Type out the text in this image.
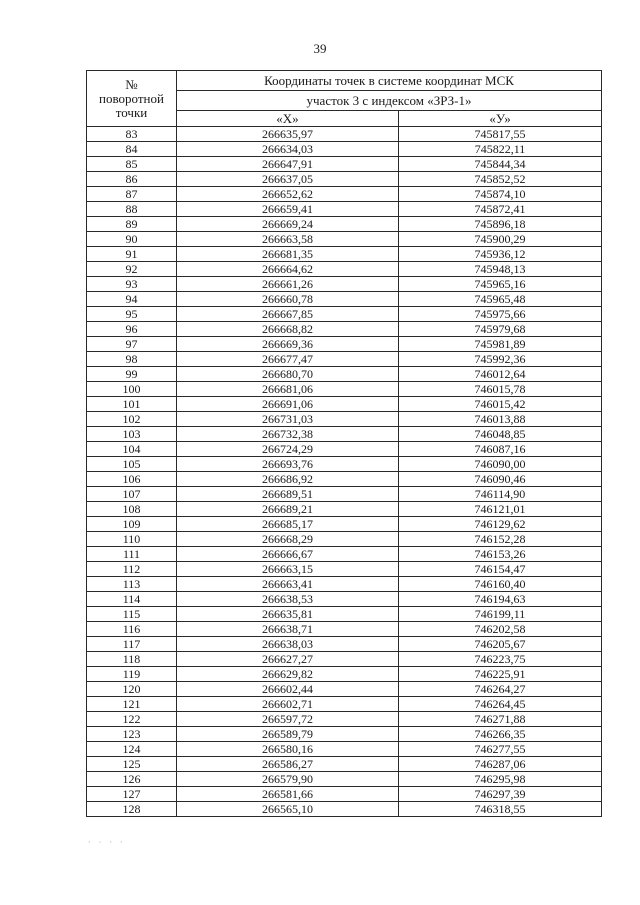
39
№
поворотной
точки	Координаты точек в системе координат МСК	
	участок 3 с индексом «ЗРЗ-1»	
	«X»	«У»
83	266635,97	745817,55
84	266634,03	745822,11
85	266647,91	745844,34
86	266637,05	745852,52
87	266652,62	745874,10
88	266659,41	745872,41
89	266669,24	745896,18
90	266663,58	745900,29
91	266681,35	745936,12
92	266664,62	745948,13
93	266661,26	745965,16
94	266660,78	745965,48
95	266667,85	745975,66
96	266668,82	745979,68
97	266669,36	745981,89
98	266677,47	745992,36
99	266680,70	746012,64
100	266681,06	746015,78
101	266691,06	746015,42
102	266731,03	746013,88
103	266732,38	746048,85
104	266724,29	746087,16
105	266693,76	746090,00
106	266686,92	746090,46
107	266689,51	746114,90
108	266689,21	746121,01
109	266685,17	746129,62
110	266668,29	746152,28
111	266666,67	746153,26
112	266663,15	746154,47
113	266663,41	746160,40
114	266638,53	746194,63
115	266635,81	746199,11
116	266638,71	746202,58
117	266638,03	746205,67
118	266627,27	746223,75
119	266629,82	746225,91
120	266602,44	746264,27
121	266602,71	746264,45
122	266597,72	746271,88
123	266589,79	746266,35
124	266580,16	746277,55
125	266586,27	746287,06
126	266579,90	746295,98
127	266581,66	746297,39
128	266565,10	746318,55
· · · ·
